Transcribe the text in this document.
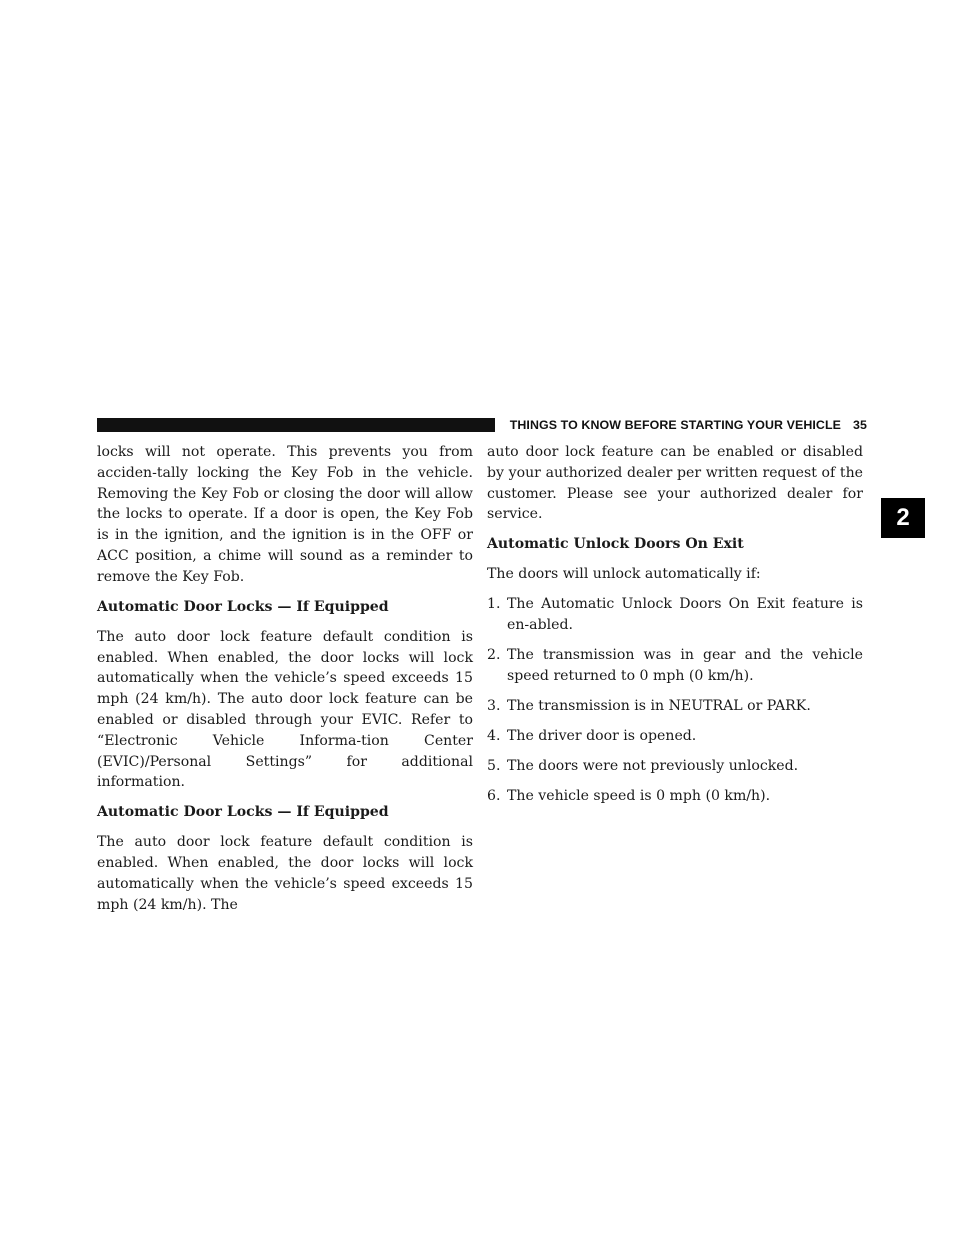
THINGS TO KNOW BEFORE STARTING YOUR VEHICLE 35
2

locks will not operate. This prevents you from acciden-tally locking the Key Fob in the vehicle. Removing the Key Fob or closing the door will allow the locks to operate. If a door is open, the Key Fob is in the ignition, and the ignition is in the OFF or ACC position, a chime will sound as a reminder to remove the Key Fob.

Automatic Door Locks — If Equipped

The auto door lock feature default condition is enabled. When enabled, the door locks will lock automatically when the vehicle’s speed exceeds 15 mph (24 km/h). The auto door lock feature can be enabled or disabled through your EVIC. Refer to “Electronic Vehicle Informa-tion Center (EVIC)/Personal Settings” for additional information.

Automatic Door Locks — If Equipped

The auto door lock feature default condition is enabled. When enabled, the door locks will lock automatically when the vehicle’s speed exceeds 15 mph (24 km/h). The

auto door lock feature can be enabled or disabled by your authorized dealer per written request of the customer. Please see your authorized dealer for service.

Automatic Unlock Doors On Exit

The doors will unlock automatically if:

1. The Automatic Unlock Doors On Exit feature is en-abled.
2. The transmission was in gear and the vehicle speed returned to 0 mph (0 km/h).
3. The transmission is in NEUTRAL or PARK.
4. The driver door is opened.
5. The doors were not previously unlocked.
6. The vehicle speed is 0 mph (0 km/h).
